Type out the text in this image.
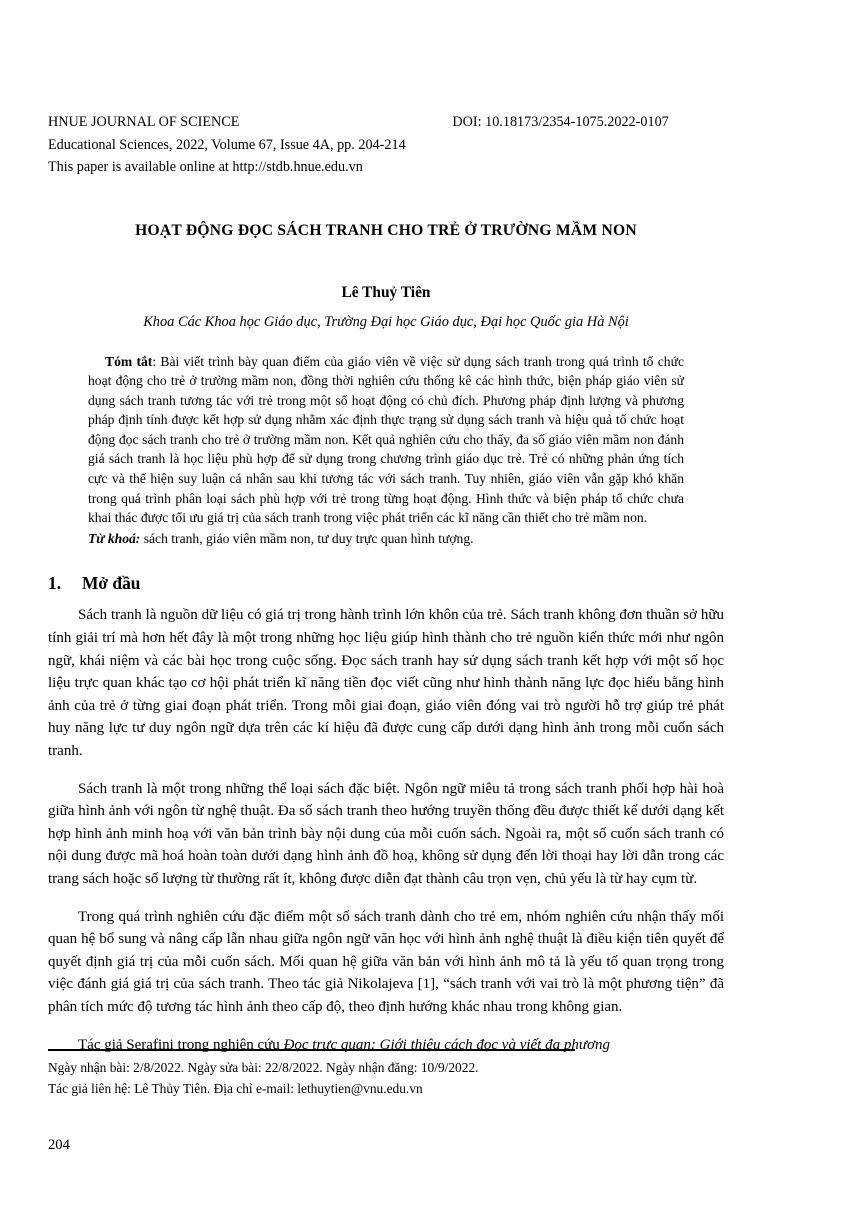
HNUE JOURNAL OF SCIENCE	DOI: 10.18173/2354-1075.2022-0107
Educational Sciences, 2022, Volume 67, Issue 4A, pp. 204-214
This paper is available online at http://stdb.hnue.edu.vn
HOẠT ĐỘNG ĐỌC SÁCH TRANH CHO TRẺ Ở TRƯỜNG MẦM NON
Lê Thuỷ Tiên
Khoa Các Khoa học Giáo dục, Trường Đại học Giáo dục, Đại học Quốc gia Hà Nội
Tóm tắt: Bài viết trình bày quan điểm của giáo viên về việc sử dụng sách tranh trong quá trình tổ chức hoạt động cho trẻ ở trường mầm non, đồng thời nghiên cứu thống kê các hình thức, biện pháp giáo viên sử dụng sách tranh tương tác với trẻ trong một số hoạt động có chủ đích. Phương pháp định lượng và phương pháp định tính được kết hợp sử dụng nhằm xác định thực trạng sử dụng sách tranh và hiệu quả tổ chức hoạt động đọc sách tranh cho trẻ ở trường mầm non. Kết quả nghiên cứu cho thấy, đa số giáo viên mầm non đánh giá sách tranh là học liệu phù hợp để sử dụng trong chương trình giáo dục trẻ. Trẻ có những phản ứng tích cực và thể hiện suy luận cá nhân sau khi tương tác với sách tranh. Tuy nhiên, giáo viên vẫn gặp khó khăn trong quá trình phân loại sách phù hợp với trẻ trong từng hoạt động. Hình thức và biện pháp tổ chức chưa khai thác được tối ưu giá trị của sách tranh trong việc phát triển các kĩ năng cần thiết cho trẻ mầm non.
Từ khoá: sách tranh, giáo viên mầm non, tư duy trực quan hình tượng.
1.	Mở đầu

Sách tranh là nguồn dữ liệu có giá trị trong hành trình lớn khôn của trẻ. Sách tranh không đơn thuần sở hữu tính giải trí mà hơn hết đây là một trong những học liệu giúp hình thành cho trẻ nguồn kiến thức mới như ngôn ngữ, khái niệm và các bài học trong cuộc sống. Đọc sách tranh hay sử dụng sách tranh kết hợp với một số học liệu trực quan khác tạo cơ hội phát triển kĩ năng tiền đọc viết cũng như hình thành năng lực đọc hiểu bằng hình ảnh của trẻ ở từng giai đoạn phát triển. Trong mỗi giai đoạn, giáo viên đóng vai trò người hỗ trợ giúp trẻ phát huy năng lực tư duy ngôn ngữ dựa trên các kí hiệu đã được cung cấp dưới dạng hình ảnh trong mỗi cuốn sách tranh.

Sách tranh là một trong những thể loại sách đặc biệt. Ngôn ngữ miêu tả trong sách tranh phối hợp hài hoà giữa hình ảnh với ngôn từ nghệ thuật. Đa số sách tranh theo hướng truyền thống đều được thiết kế dưới dạng kết hợp hình ảnh minh hoạ với văn bản trình bày nội dung của mỗi cuốn sách. Ngoài ra, một số cuốn sách tranh có nội dung được mã hoá hoàn toàn dưới dạng hình ảnh đồ hoạ, không sử dụng đến lời thoại hay lời dẫn trong các trang sách hoặc số lượng từ thường rất ít, không được diễn đạt thành câu trọn vẹn, chủ yếu là từ hay cụm từ.

Trong quá trình nghiên cứu đặc điểm một số sách tranh dành cho trẻ em, nhóm nghiên cứu nhận thấy mối quan hệ bổ sung và nâng cấp lẫn nhau giữa ngôn ngữ văn học với hình ảnh nghệ thuật là điều kiện tiên quyết để quyết định giá trị của mỗi cuốn sách. Mối quan hệ giữa văn bản với hình ảnh mô tả là yếu tố quan trọng trong việc đánh giá giá trị của sách tranh. Theo tác giả Nikolajeva [1], “sách tranh với vai trò là một phương tiện” đã phân tích mức độ tương tác hình ảnh theo cấp độ, theo định hướng khác nhau trong không gian.

Tác giả Serafini trong nghiên cứu Đọc trực quan: Giới thiệu cách đọc và viết đa phương

Ngày nhận bài: 2/8/2022. Ngày sửa bài: 22/8/2022. Ngày nhận đăng: 10/9/2022.
Tác giả liên hệ: Lê Thủy Tiên. Địa chỉ e-mail: lethuytien@vnu.edu.vn
204
